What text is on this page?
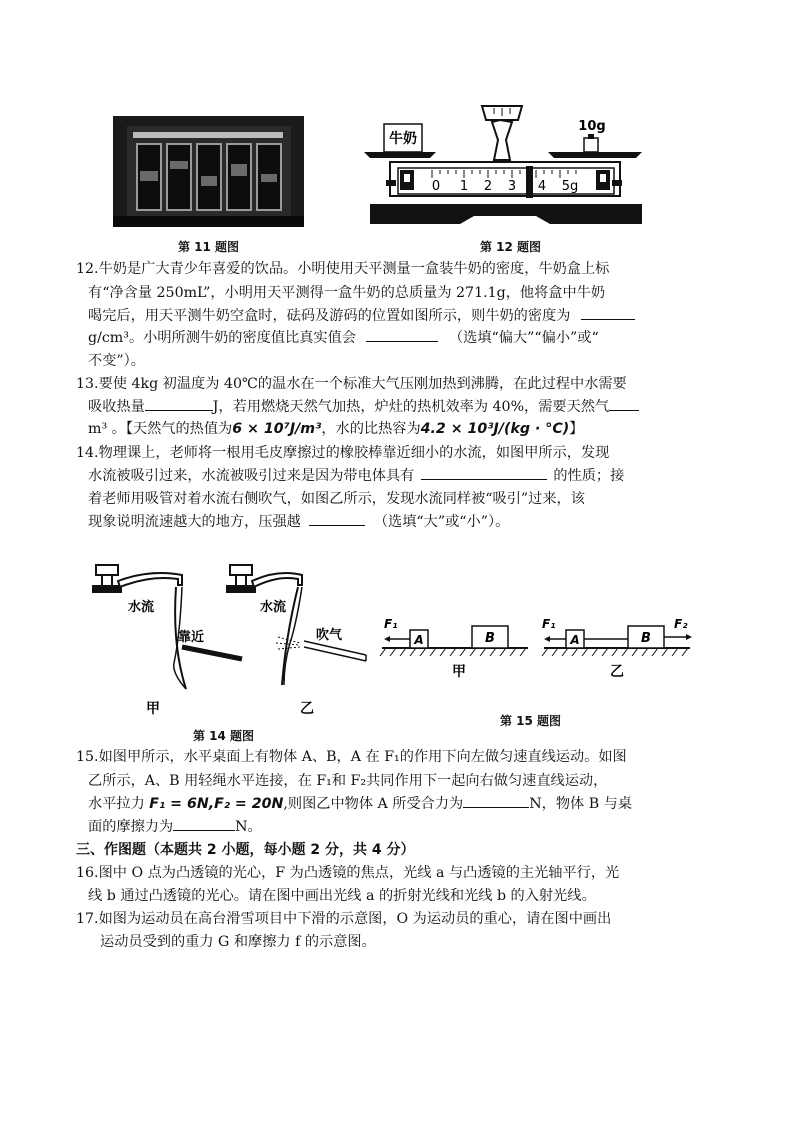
第 11 题图
牛奶
10g
0 1 2 3 4 5g
第 12 题图
12.牛奶是广大青少年喜爱的饮品。小明使用天平测量一盒装牛奶的密度，牛奶盒上标
有“净含量 250mL”，小明用天平测得一盒牛奶的总质量为 271.1g，他将盒中牛奶
喝完后，用天平测牛奶空盒时，砝码及游码的位置如图所示，则牛奶的密度为
g/cm³。小明所测牛奶的密度值比真实值会	（选填“偏大”“偏小”或“
不变”）。
13.要使 4kg 初温度为 40℃的温水在一个标准大气压刚加热到沸腾，在此过程中水需要
吸收热量	J，若用燃烧天然气加热，炉灶的热机效率为 40%，需要天然气
m³ 。【天然气的热值为6 × 10⁷J/m³，水的比热容为4.2 × 10³J/(kg · °C)】
14.物理课上，老师将一根用毛皮摩擦过的橡胶棒靠近细小的水流，如图甲所示，发现
水流被吸引过来，水流被吸引过来是因为带电体具有	的性质；接
着老师用吸管对着水流右侧吹气，如图乙所示，发现水流同样被“吸引”过来，该
现象说明流速越大的地方，压强越	（选填“大”或“小”）。
水流
靠近
甲
水流
吹气
乙
第 14 题图
A	B
F₁
甲
A	B
F₁	F₂
乙
第 15 题图
15.如图甲所示，水平桌面上有物体 A、B，A 在 F₁的作用下向左做匀速直线运动。如图
乙所示，A、B 用轻绳水平连接，在 F₁和 F₂共同作用下一起向右做匀速直线运动，
水平拉力 F₁ = 6N,F₂ = 20N,则图乙中物体 A 所受合力为	N，物体 B 与桌
面的摩擦力为	N。
三、作图题（本题共 2 小题，每小题 2 分，共 4 分）
16.图中 O 点为凸透镜的光心，F 为凸透镜的焦点，光线 a 与凸透镜的主光轴平行，光
线 b 通过凸透镜的光心。请在图中画出光线 a 的折射光线和光线 b 的入射光线。
17.如图为运动员在高台滑雪项目中下滑的示意图，O 为运动员的重心，请在图中画出
运动员受到的重力 G 和摩擦力 f 的示意图。
